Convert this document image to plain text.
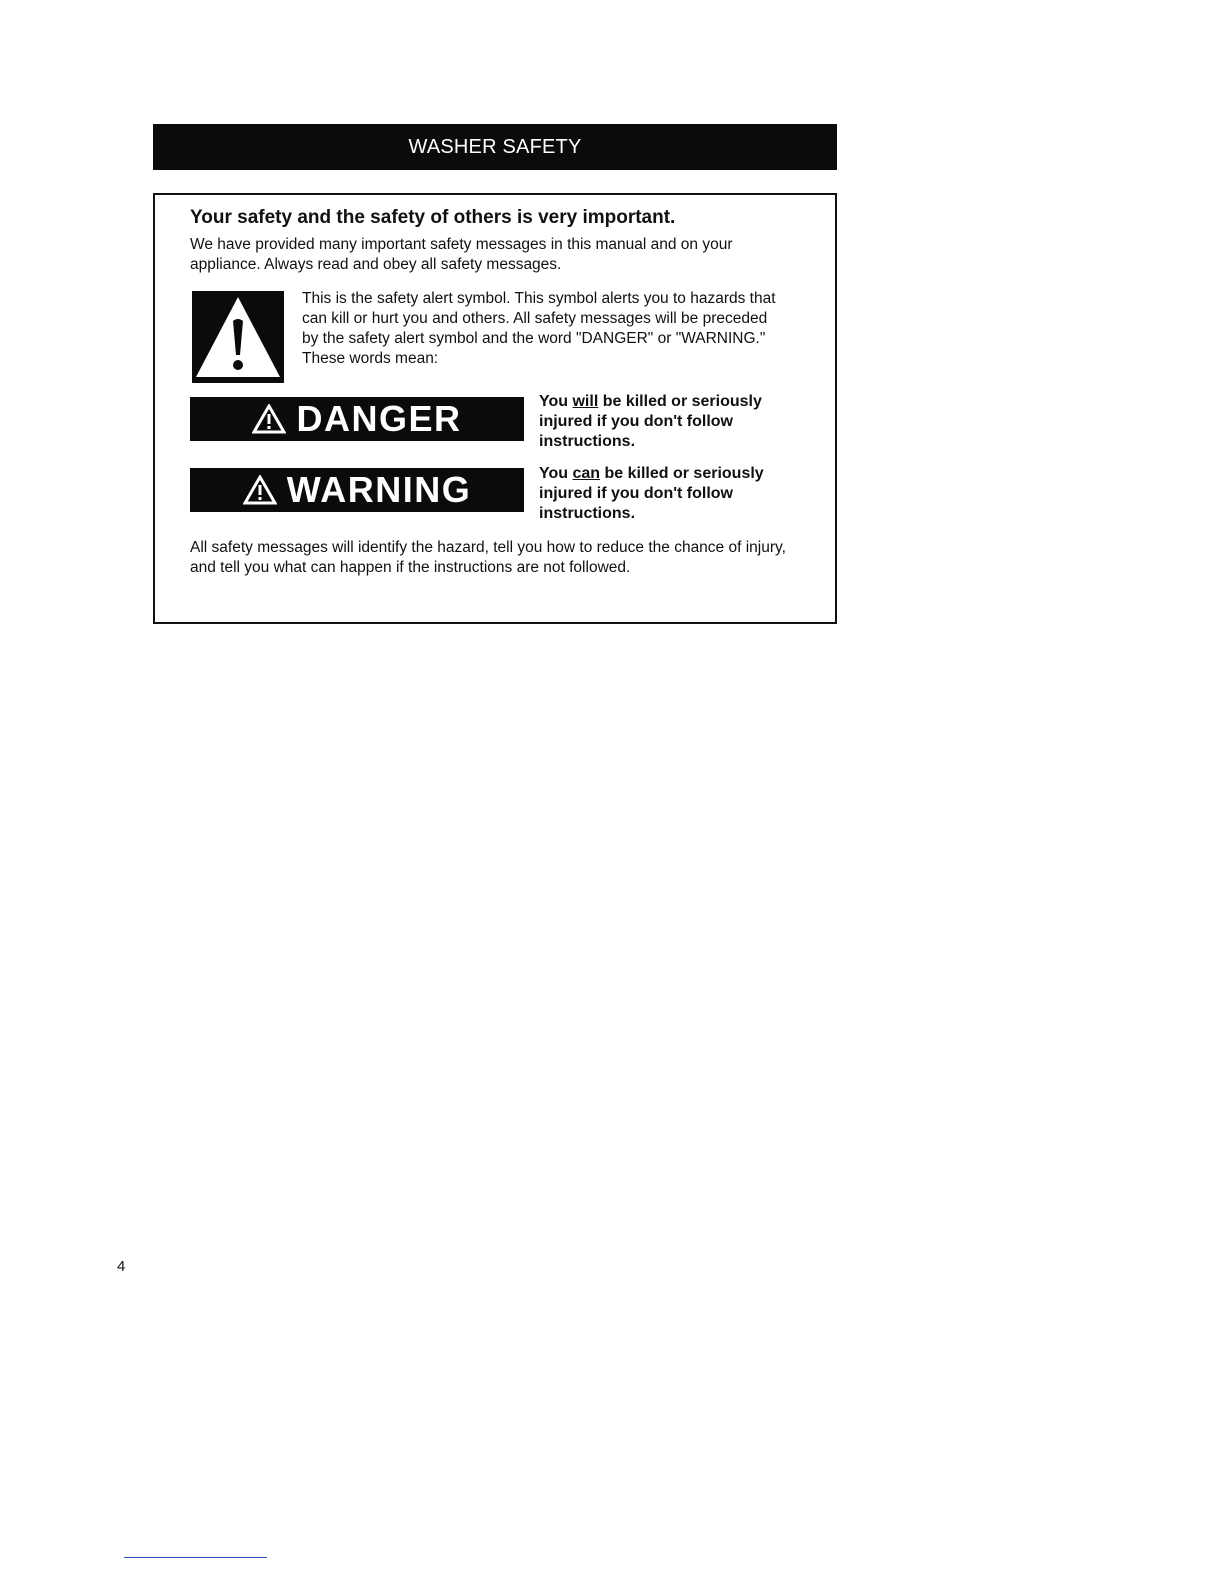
WASHER SAFETY
Your safety and the safety of others is very important.
We have provided many important safety messages in this manual and on your appliance. Always read and obey all safety messages.
This is the safety alert symbol. This symbol alerts you to hazards that can kill or hurt you and others. All safety messages will be preceded by the safety alert symbol and the word "DANGER" or "WARNING." These words mean:
DANGER	You will be killed or seriously injured if you don't follow instructions.
WARNING	You can be killed or seriously injured if you don't follow instructions.
All safety messages will identify the hazard, tell you how to reduce the chance of injury, and tell you what can happen if the instructions are not followed.
4
